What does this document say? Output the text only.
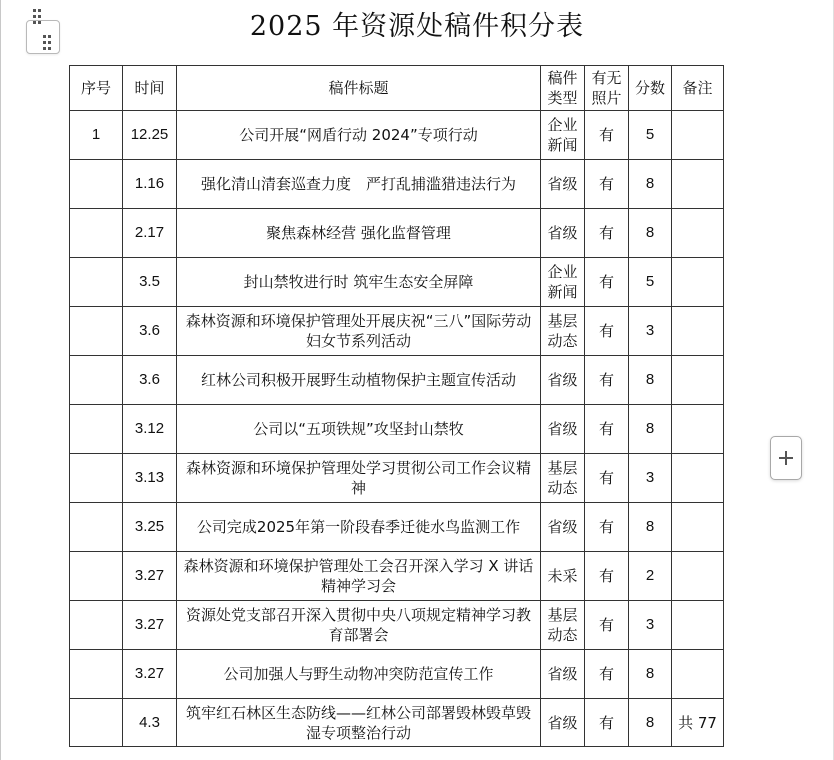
2025 年资源处稿件积分表
序号	时间	稿件标题	稿件类型	有无照片	分数	备注
1	12.25	公司开展“网盾行动 2024”专项行动	企业新闻	有	5	
	1.16	强化清山清套巡查力度　严打乱捕滥猎违法行为	省级	有	8	
	2.17	聚焦森林经营 强化监督管理	省级	有	8	
	3.5	封山禁牧进行时 筑牢生态安全屏障	企业新闻	有	5	
	3.6	森林资源和环境保护管理处开展庆祝“三八”国际劳动妇女节系列活动	基层动态	有	3	
	3.6	红林公司积极开展野生动植物保护主题宣传活动	省级	有	8	
	3.12	公司以“五项铁规”攻坚封山禁牧	省级	有	8	
	3.13	森林资源和环境保护管理处学习贯彻公司工作会议精神	基层动态	有	3	
	3.25	公司完成2025年第一阶段春季迁徙水鸟监测工作	省级	有	8	
	3.27	森林资源和环境保护管理处工会召开深入学习 X 讲话精神学习会	未采	有	2	
	3.27	资源处党支部召开深入贯彻中央八项规定精神学习教育部署会	基层动态	有	3	
	3.27	公司加强人与野生动物冲突防范宣传工作	省级	有	8	
	4.3	筑牢红石林区生态防线——红林公司部署毁林毁草毁湿专项整治行动	省级	有	8	共 77
